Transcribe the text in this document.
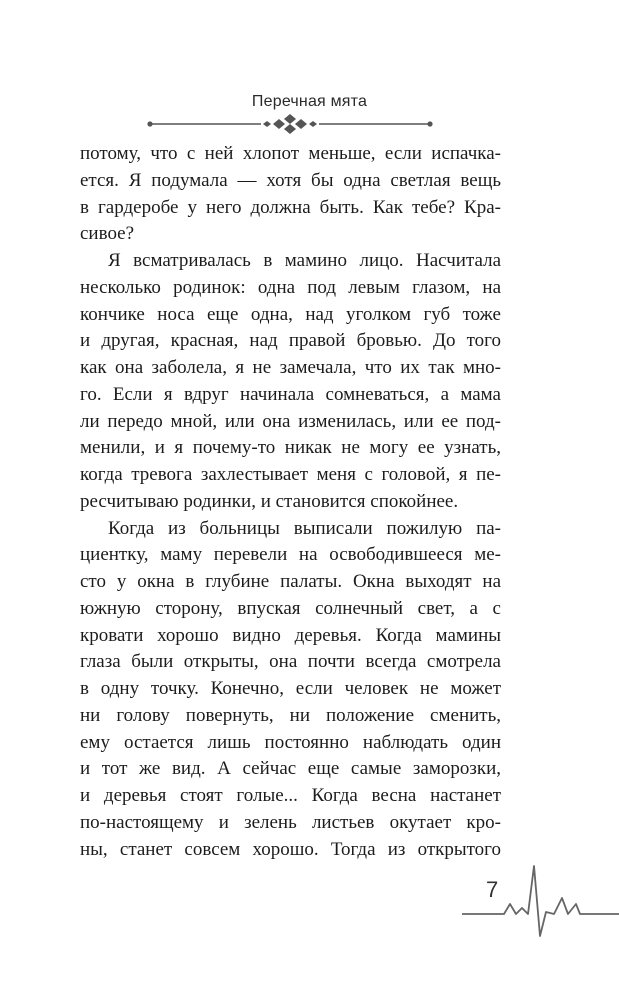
Перечная мята
потому, что с ней хлопот меньше, если испачка-
ется. Я подумала — хотя бы одна светлая вещь
в гардеробе у него должна быть. Как тебе? Кра-
сивое?
Я всматривалась в мамино лицо. Насчитала
несколько родинок: одна под левым глазом, на
кончике носа еще одна, над уголком губ тоже
и другая, красная, над правой бровью. До того
как она заболела, я не замечала, что их так мно-
го. Если я вдруг начинала сомневаться, а мама
ли передо мной, или она изменилась, или ее под-
менили, и я почему-то никак не могу ее узнать,
когда тревога захлестывает меня с головой, я пе-
ресчитываю родинки, и становится спокойнее.
Когда из больницы выписали пожилую па-
циентку, маму перевели на освободившееся ме-
сто у окна в глубине палаты. Окна выходят на
южную сторону, впуская солнечный свет, а с
кровати хорошо видно деревья. Когда мамины
глаза были открыты, она почти всегда смотрела
в одну точку. Конечно, если человек не может
ни голову повернуть, ни положение сменить,
ему остается лишь постоянно наблюдать один
и тот же вид. А сейчас еще самые заморозки,
и деревья стоят голые... Когда весна настанет
по-настоящему и зелень листьев окутает кро-
ны, станет совсем хорошо. Тогда из открытого
7
